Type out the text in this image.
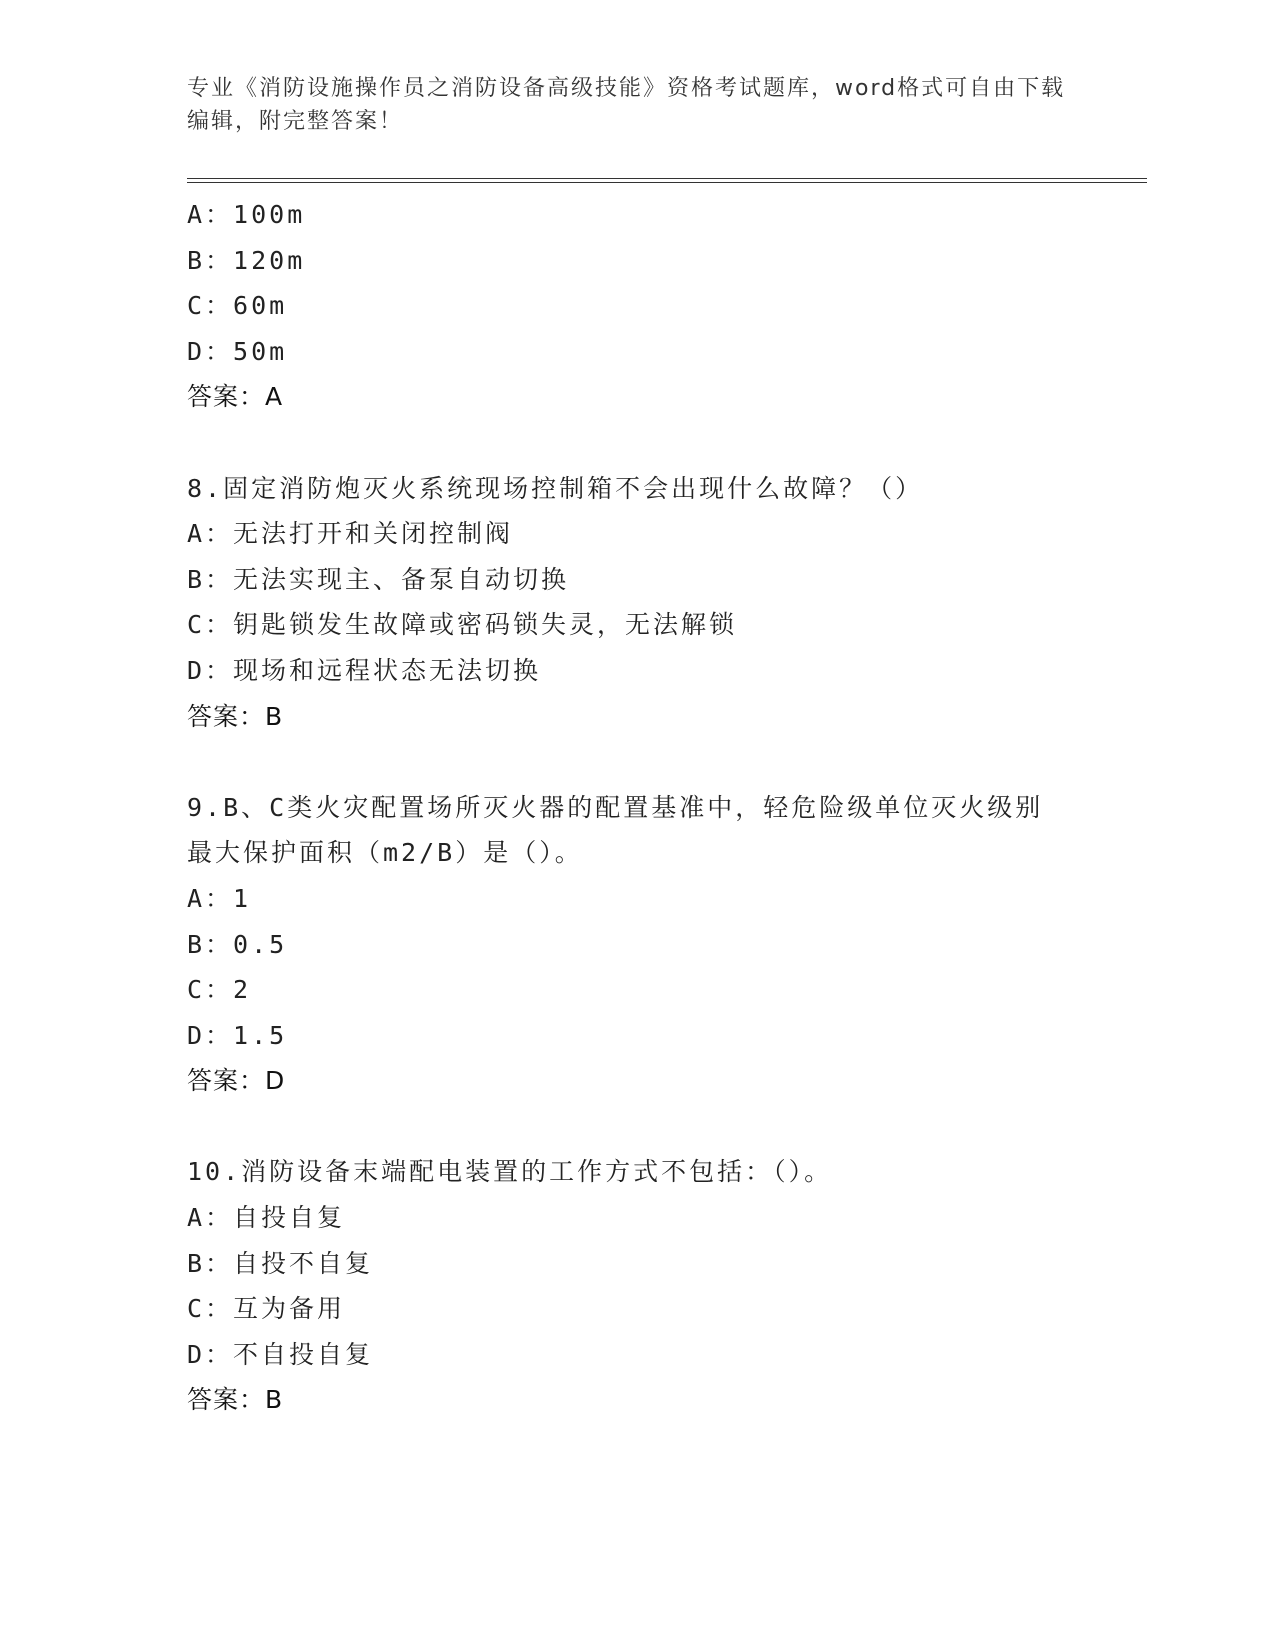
专业《消防设施操作员之消防设备高级技能》资格考试题库，word格式可自由下载编辑，附完整答案！
A：100m
B：120m
C：60m
D：50m
答案：A
8.固定消防炮灭火系统现场控制箱不会出现什么故障？（）
A：无法打开和关闭控制阀
B：无法实现主、备泵自动切换
C：钥匙锁发生故障或密码锁失灵，无法解锁
D：现场和远程状态无法切换
答案：B
9.B、C类火灾配置场所灭火器的配置基准中，轻危险级单位灭火级别最大保护面积（m2/B）是（）。
A：1
B：0.5
C：2
D：1.5
答案：D
10.消防设备末端配电装置的工作方式不包括：（）。
A：自投自复
B：自投不自复
C：互为备用
D：不自投自复
答案：B
